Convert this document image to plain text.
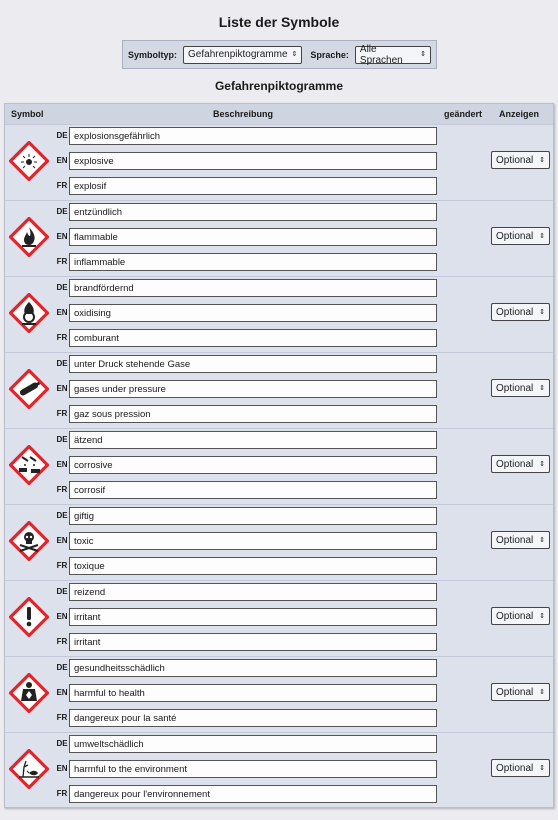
Liste der Symbole
Symboltyp: Gefahrenpiktogramme ⇕ Sprache: Alle Sprachen	⇕
Gefahrenpiktogramme
Symbol	Beschreibung	geändert Anzeigen
DE explosionsgefährlich
EN explosive
FR explosif
Optional ⇕
DE entzündlich
EN flammable
FR inflammable
Optional ⇕
DE brandfördernd
EN oxidising
FR comburant
Optional ⇕
DE unter Druck stehende Gase
EN gases under pressure
FR gaz sous pression
Optional ⇕
DE ätzend
EN corrosive
FR corrosif
Optional ⇕
DE giftig
EN toxic
FR toxique
Optional ⇕
DE reizend
EN irritant
FR irritant
Optional ⇕
DE gesundheitsschädlich
EN harmful to health
FR dangereux pour la santé
Optional ⇕
DE umweltschädlich
EN harmful to the environment
FR dangereux pour l'environnement
Optional ⇕
